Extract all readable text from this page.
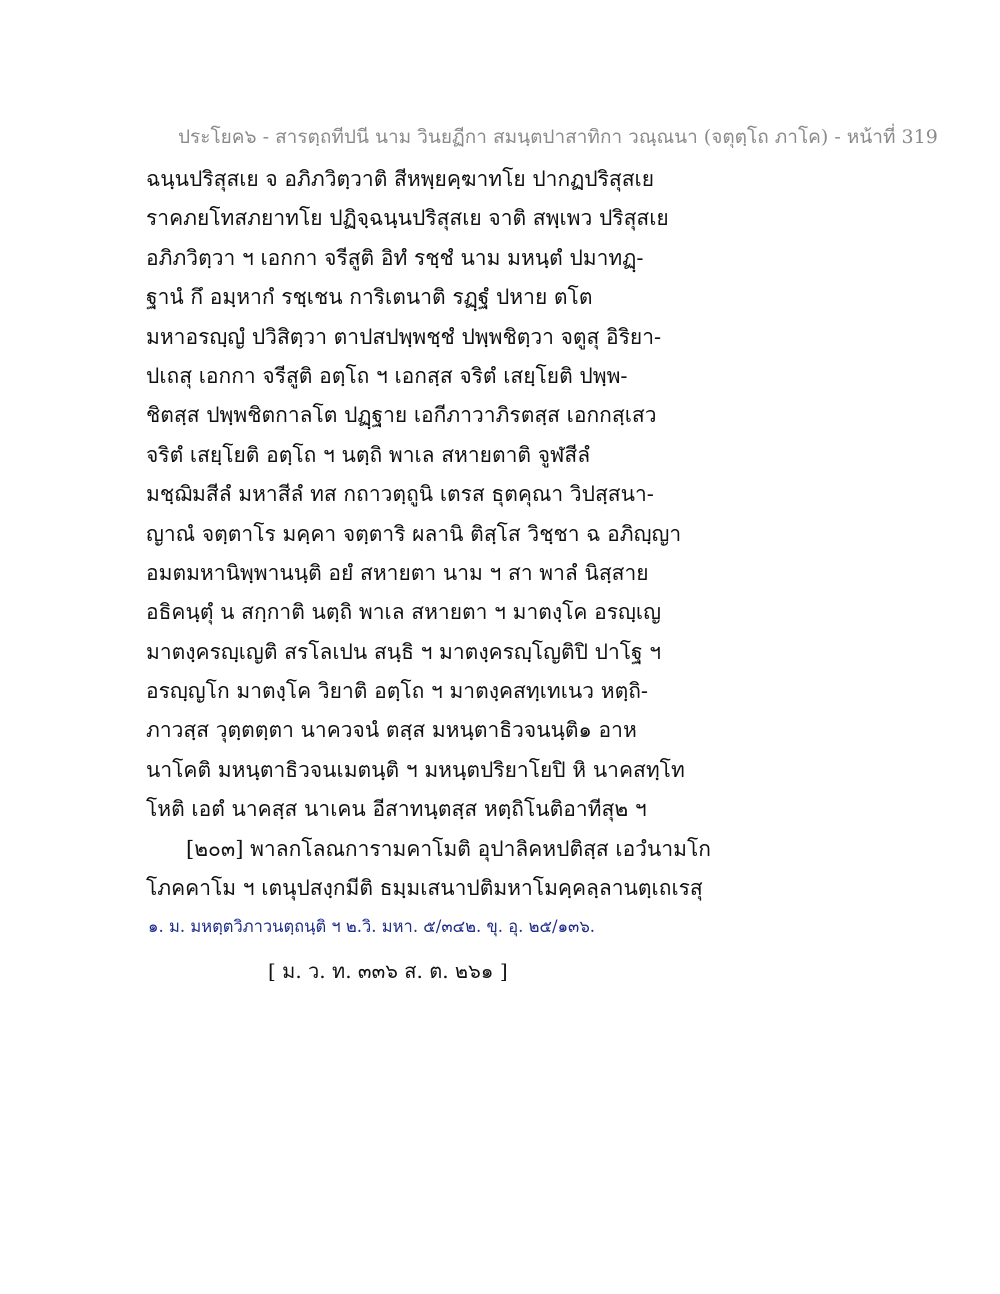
ประโยค๖ - สารตฺถทีปนี นาม วินยฏีกา สมนฺตปาสาทิกา วณฺณนา (จตุตฺโถ ภาโค) - หน้าที่ 319
ฉนฺนปริสุสเย จ อภิภวิตฺวาติ สีหพฺยคฺฆาทโย ปากฏปริสุสเย
ราคภยโทสภยาทโย ปฏิจฺฉนฺนปริสุสเย จาติ สพฺเพว ปริสุสเย
อภิภวิตฺวา ฯ เอกกา จรีสูติ อิทํ รชฺชํ นาม มหนฺตํ ปมาทฏฺ-
ฐานํ กึ อมฺหากํ รชฺเชน การิเตนาติ รฏฺฐํ ปหาย ตโต
มหาอรญฺญํ ปวิสิตฺวา ตาปสปพฺพชฺชํ ปพฺพชิตฺวา จตูสุ อิริยา-
ปเถสุ เอกกา จรีสูติ อตฺโถ ฯ เอกสฺส จริตํ เสยฺโยติ ปพฺพ-
ชิตสฺส ปพฺพชิตกาลโต ปฏฺฐาย เอกีภาวาภิรตสฺส เอกกสฺเสว
จริตํ เสยฺโยติ อตฺโถ ฯ นตฺถิ พาเล สหายตาติ จูฬสีลํ
มชฺฌิมสีลํ มหาสีลํ ทส กถาวตฺถูนิ เตรส ธุตคุณา วิปสฺสนา-
ญาณํ จตฺตาโร มคฺคา จตฺตาริ ผลานิ ติสฺโส วิชฺชา ฉ อภิญฺญา
อมตมหานิพฺพานนฺติ อยํ สหายตา นาม ฯ สา พาลํ นิสฺสาย
อธิคนฺตุํ น สกฺกาติ นตฺถิ พาเล สหายตา ฯ มาตงฺโค อรญฺเญ
มาตงฺครญฺเญติ สรโลเปน สนฺธิ ฯ มาตงฺครญฺโญติปิ ปาโฐ ฯ
อรญฺญโก มาตงฺโค วิยาติ อตฺโถ ฯ มาตงฺคสทฺเทเนว หตฺถิ-
ภาวสฺส วุตฺตตฺตา นาควจนํ ตสฺส มหนฺตาธิวจนนฺติ๑ อาห
นาโคติ มหนฺตาธิวจนเมตนฺติ ฯ มหนฺตปริยาโยปิ หิ นาคสทฺโท
โหติ เอตํ นาคสฺส นาเคน อีสาทนฺตสฺส หตฺถิโนติอาทีสุ๒ ฯ
[๒๐๓] พาลกโลณการามคาโมติ อุปาลิคหปติสฺส เอวํนามโก
โภคคาโม ฯ เตนุปสงฺกมีติ ธมฺมเสนาปติมหาโมคฺคลฺลานตฺเถเรสุ
๑. ม. มหตฺตวิภาวนตฺถนฺติ ฯ ๒.วิ. มหา. ๕/๓๔๒. ขุ. อุ. ๒๕/๑๓๖.
[ ม. ว. ท. ๓๓๖ ส. ต. ๒๖๑ ]
